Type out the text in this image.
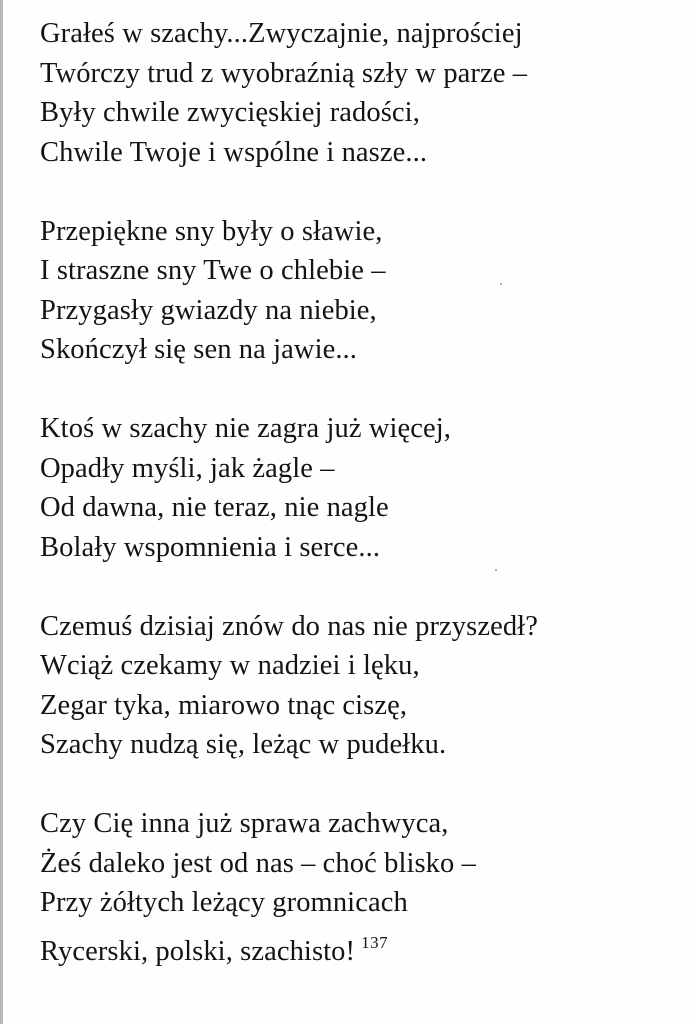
Grałeś w szachy...Zwyczajnie, najprościej
Twórczy trud z wyobraźnią szły w parze –
Były chwile zwycięskiej radości,
Chwile Twoje i wspólne i nasze...
Przepiękne sny były o sławie,
I straszne sny Twe o chlebie –
Przygasły gwiazdy na niebie,
Skończył się sen na jawie...
Ktoś w szachy nie zagra już więcej,
Opadły myśli, jak żagle –
Od dawna, nie teraz, nie nagle
Bolały wspomnienia i serce...
Czemuś dzisiaj znów do nas nie przyszedł?
Wciąż czekamy w nadziei i lęku,
Zegar tyka, miarowo tnąc ciszę,
Szachy nudzą się, leżąc w pudełku.
Czy Cię inna już sprawa zachwyca,
Żeś daleko jest od nas – choć blisko –
Przy żółtych leżący gromnicach
Rycerski, polski, szachisto! $^{137}$
